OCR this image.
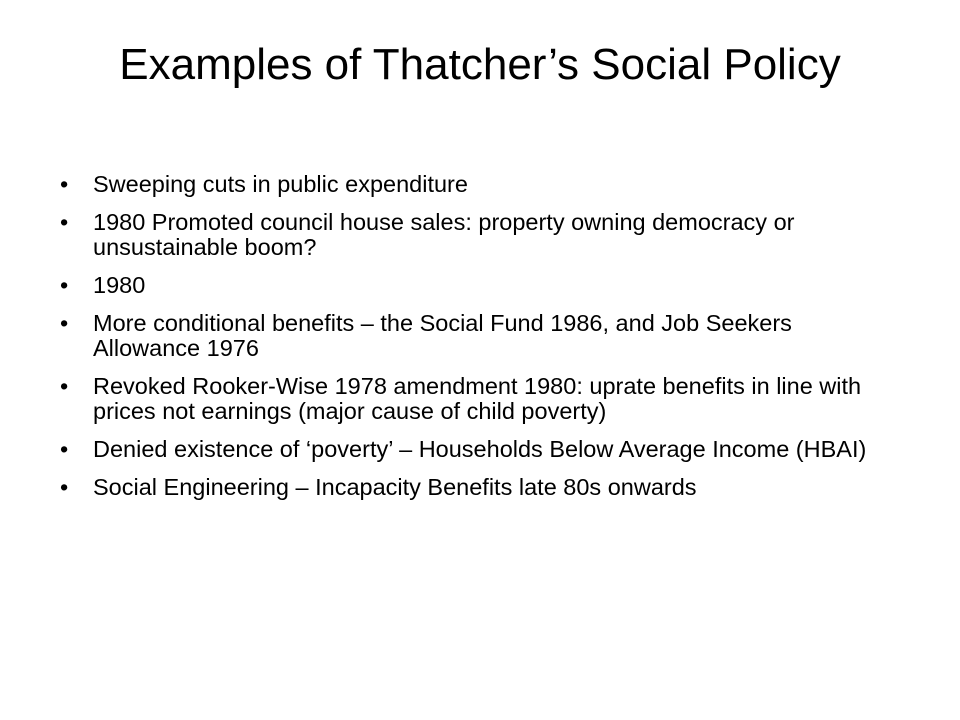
Examples of Thatcher’s Social Policy
•	Sweeping cuts in public expenditure
•	1980 Promoted council house sales: property owning democracy or unsustainable boom?
•	1980
•	More conditional benefits – the Social Fund 1986, and Job Seekers Allowance 1976
•	Revoked Rooker-Wise 1978 amendment 1980: uprate benefits in line with prices not earnings (major cause of child poverty)
•	Denied existence of ‘poverty’ – Households Below Average Income (HBAI)
•	Social Engineering – Incapacity Benefits late 80s onwards
